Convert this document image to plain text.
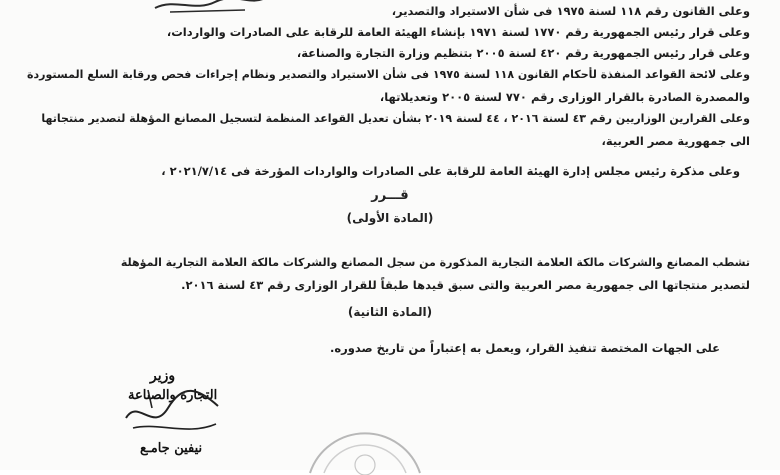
وعلى القانون رقم ١١٨ لسنة ١٩٧٥ فى شأن الاستيراد والتصدير،
وعلى قرار رئيس الجمهورية رقم ١٧٧٠ لسنة ١٩٧١ بإنشاء الهيئة العامة للرقابة على الصادرات والواردات،
وعلى قرار رئيس الجمهورية رقم ٤٢٠ لسنة ٢٠٠٥ بتنظيم وزارة التجارة والصناعة،
وعلى لائحة القواعد المنفذة لأحكام القانون ١١٨ لسنة ١٩٧٥ فى شأن الاستيراد والتصدير ونظام إجراءات فحص ورقابة السلع المستوردة
والمصدرة الصادرة بالقرار الوزارى رقم ٧٧٠ لسنة ٢٠٠٥ وتعديلاتها،
وعلى القرارين الوزاريين رقم ٤٣ لسنة ٢٠١٦ ، ٤٤ لسنة ٢٠١٩ بشأن تعديل القواعد المنظمة لتسجيل المصانع المؤهلة لتصدير منتجاتها
الى جمهورية مصر العربية،
وعلى مذكرة رئيس مجلس إدارة الهيئة العامة للرقابة على الصادرات والواردات المؤرخة فى ٢٠٢١/٧/١٤ ،
قـــرر
(المادة الأولى)
تشطب المصانع والشركات مالكة العلامة التجارية المذكورة من سجل المصانع والشركات مالكة العلامة التجارية المؤهلة
لتصدير منتجاتها الى جمهورية مصر العربية والتى سبق قيدها طبقاً للقرار الوزارى رقم ٤٣ لسنة ٢٠١٦.
(المادة الثانية)
على الجهات المختصة تنفيذ القرار، ويعمل به إعتباراً من تاريخ صدوره.
وزير
التجارة والصناعة
نيفين جامـع
